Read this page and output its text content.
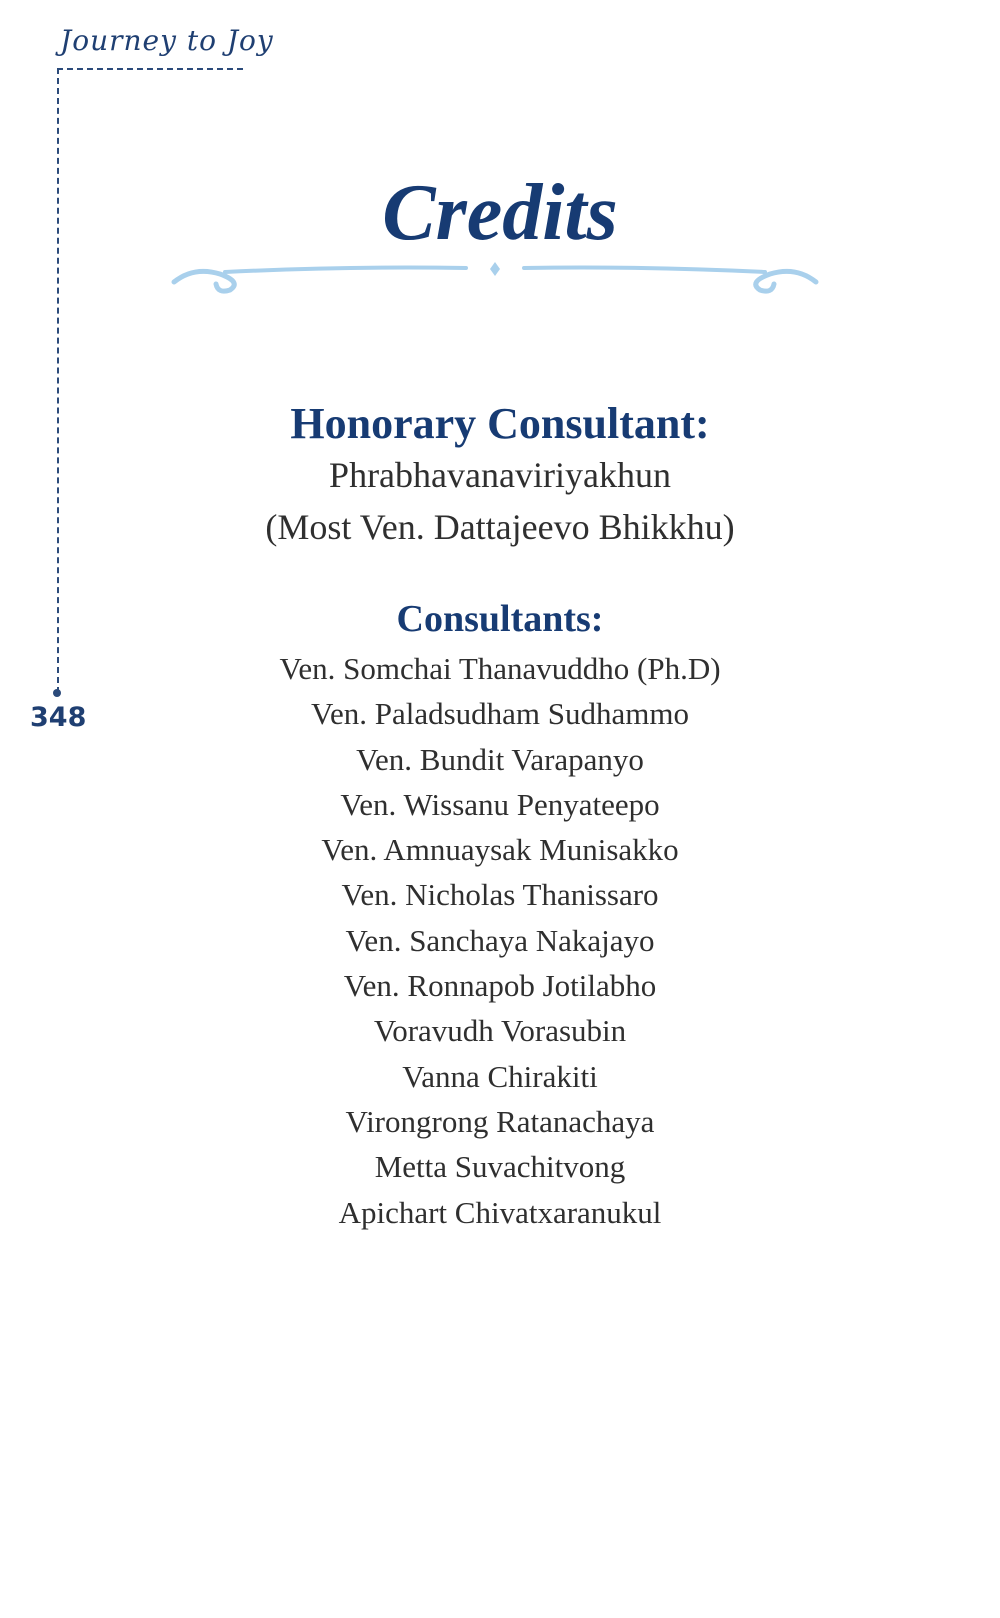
Journey to Joy
348
Credits
Honorary Consultant:
Phrabhavanaviriyakhun
(Most Ven. Dattajeevo Bhikkhu)
Consultants:
Ven. Somchai Thanavuddho (Ph.D)
Ven. Paladsudham Sudhammo
Ven. Bundit Varapanyo
Ven. Wissanu Penyateepo
Ven. Amnuaysak Munisakko
Ven. Nicholas Thanissaro
Ven. Sanchaya Nakajayo
Ven. Ronnapob Jotilabho
Voravudh Vorasubin
Vanna Chirakiti
Virongrong Ratanachaya
Metta Suvachitvong
Apichart Chivatxaranukul
